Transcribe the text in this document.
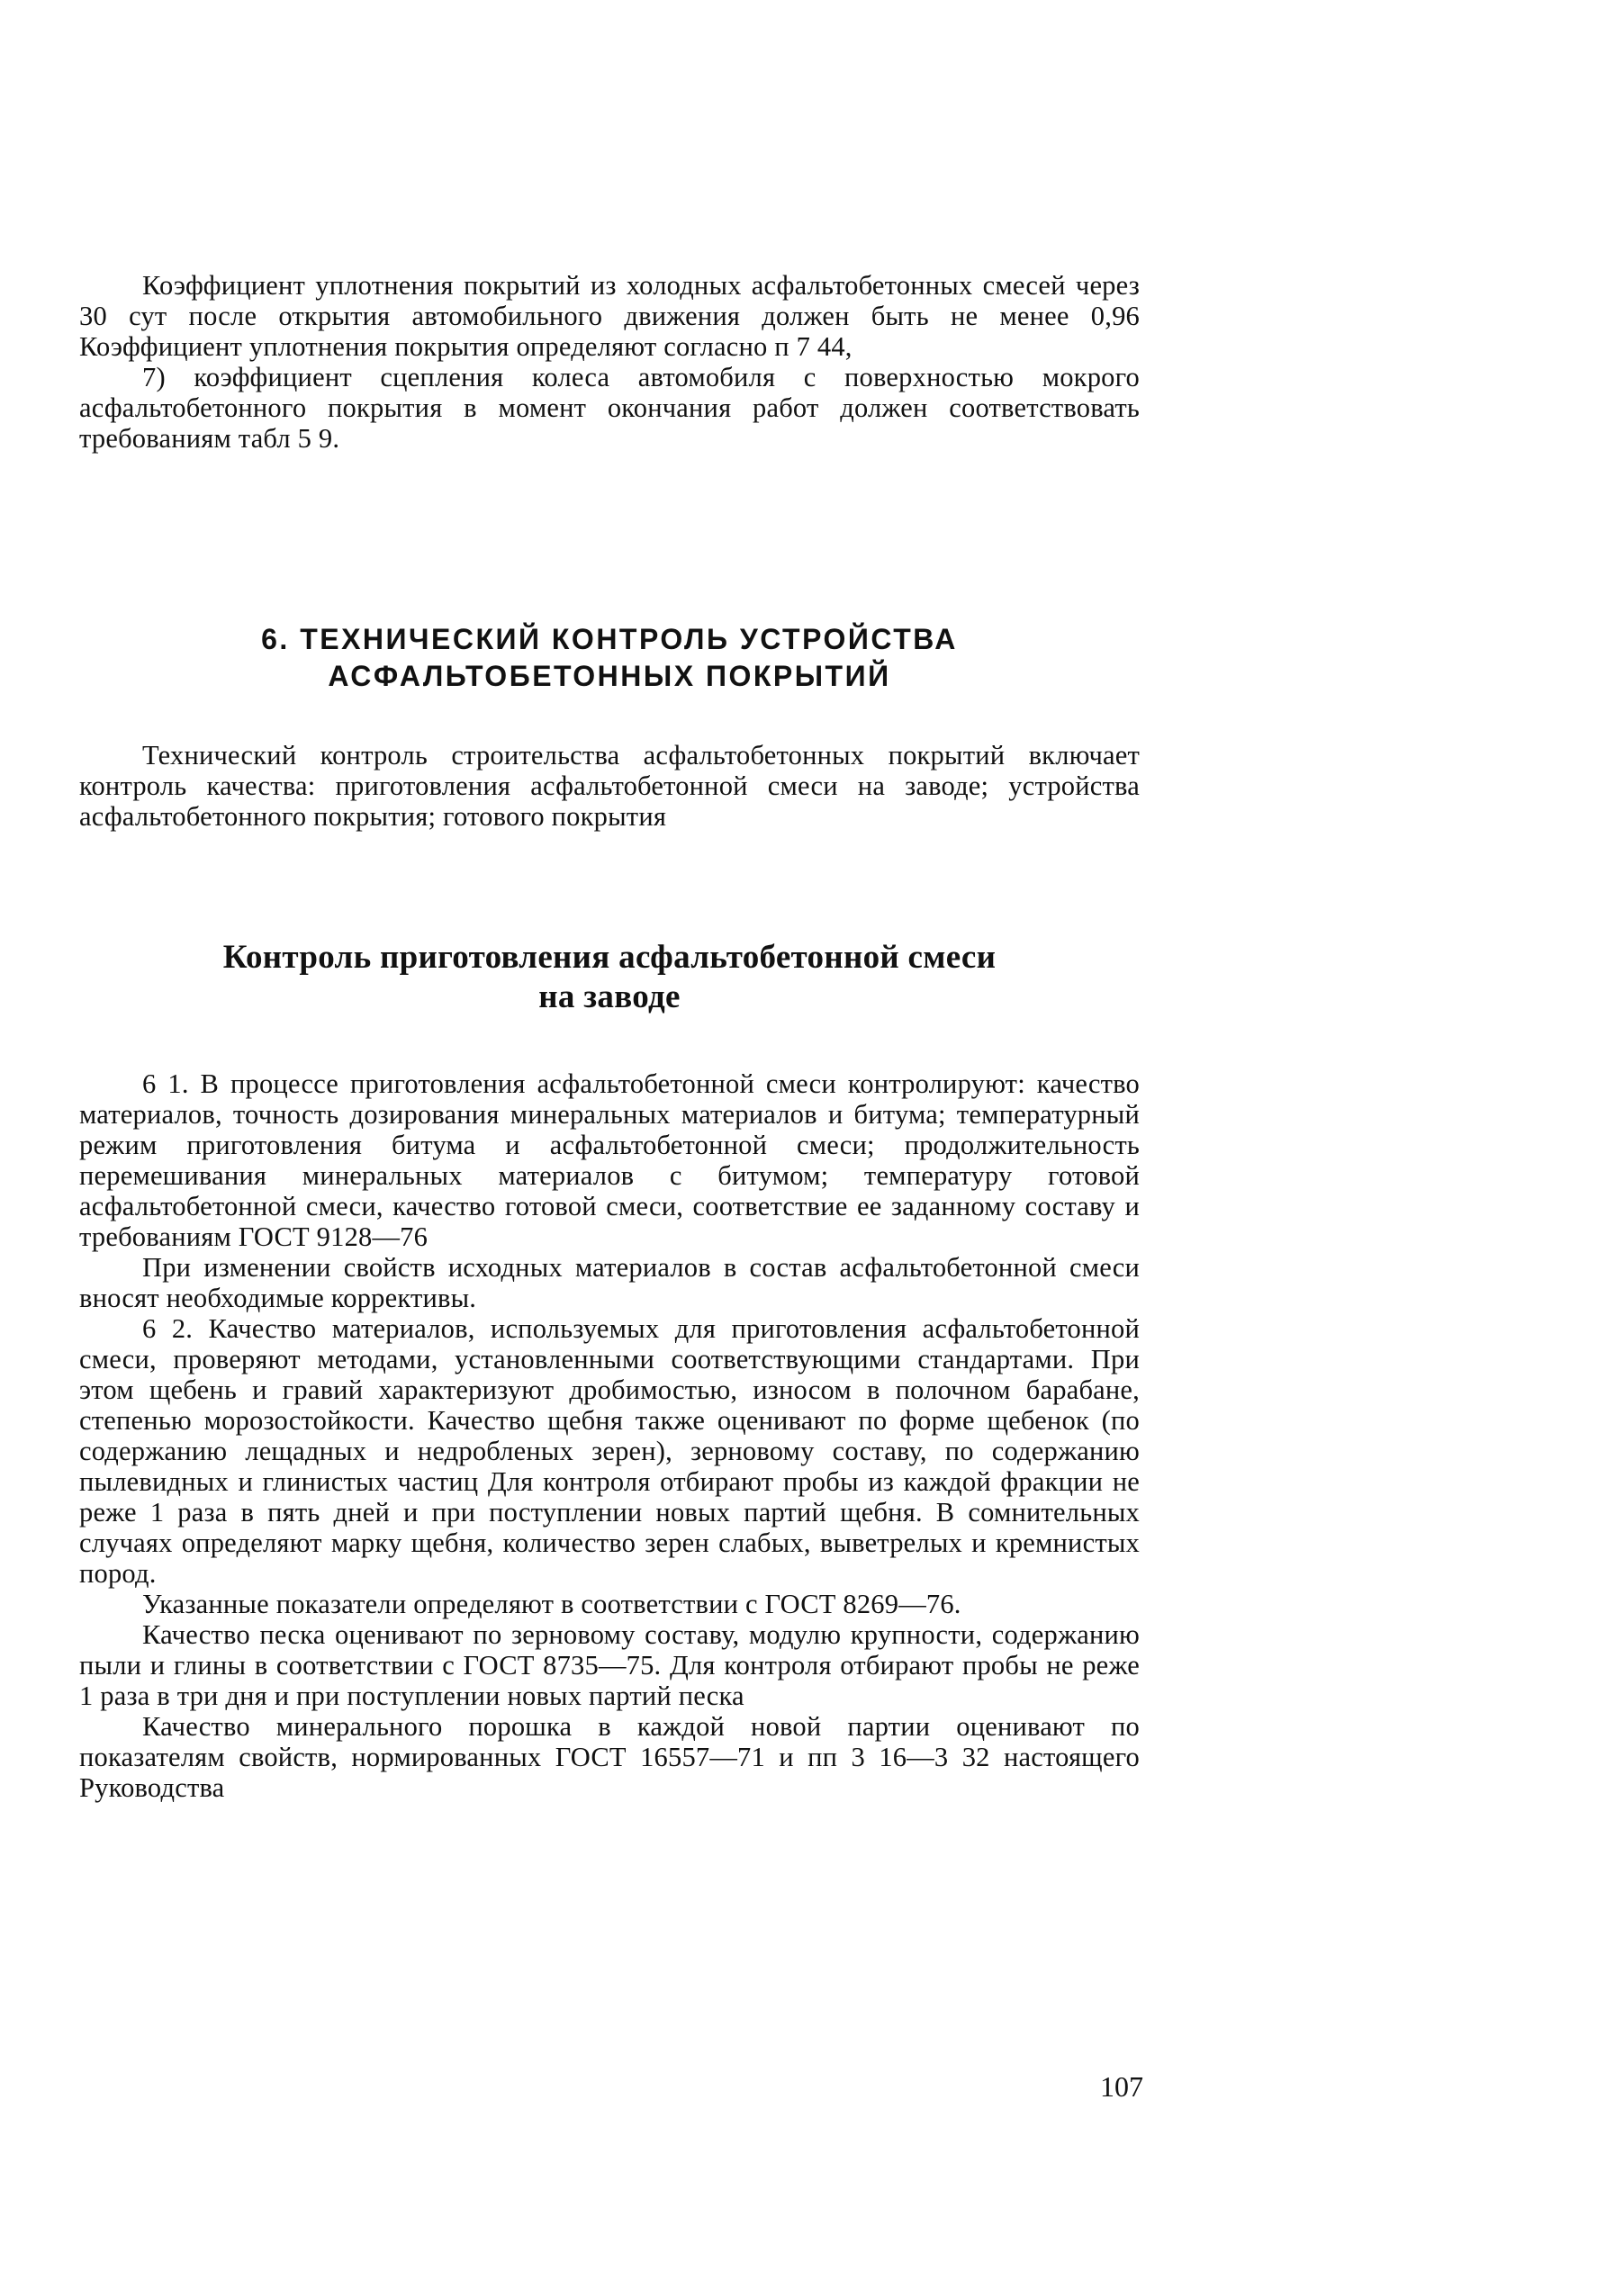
Коэффициент уплотнения покрытий из холодных асфальтобетонных смесей через 30 сут после открытия автомобильного движения должен быть не менее 0,96 Коэффициент уплотнения покрытия определяют согласно п 7 44,

7) коэффициент сцепления колеса автомобиля с поверхностью мокрого асфальтобетонного покрытия в момент окончания работ должен соответствовать требованиям табл 5 9.

6. ТЕХНИЧЕСКИЙ КОНТРОЛЬ УСТРОЙСТВА
АСФАЛЬТОБЕТОННЫХ ПОКРЫТИЙ

Технический контроль строительства асфальтобетонных покрытий включает контроль качества: приготовления асфальтобетонной смеси на заводе; устройства асфальтобетонного покрытия; готового покрытия

Контроль приготовления асфальтобетонной смеси
на заводе

6 1. В процессе приготовления асфальтобетонной смеси контролируют: качество материалов, точность дозирования минеральных материалов и битума; температурный режим приготовления битума и асфальтобетонной смеси; продолжительность перемешивания минеральных материалов с битумом; температуру готовой асфальтобетонной смеси, качество готовой смеси, соответствие ее заданному составу и требованиям ГОСТ 9128—76

При изменении свойств исходных материалов в состав асфальтобетонной смеси вносят необходимые коррективы.

6 2. Качество материалов, используемых для приготовления асфальтобетонной смеси, проверяют методами, установленными соответствующими стандартами. При этом щебень и гравий характеризуют дробимостью, износом в полочном барабане, степенью морозостойкости. Качество щебня также оценивают по форме щебенок (по содержанию лещадных и недробленых зерен), зерновому составу, по содержанию пылевидных и глинистых частиц Для контроля отбирают пробы из каждой фракции не реже 1 раза в пять дней и при поступлении новых партий щебня. В сомнительных случаях определяют марку щебня, количество зерен слабых, выветрелых и кремнистых пород.

Указанные показатели определяют в соответствии с ГОСТ 8269—76.

Качество песка оценивают по зерновому составу, модулю крупности, содержанию пыли и глины в соответствии с ГОСТ 8735—75. Для контроля отбирают пробы не реже 1 раза в три дня и при поступлении новых партий песка

Качество минерального порошка в каждой новой партии оценивают по показателям свойств, нормированных ГОСТ 16557—71 и пп 3 16—3 32 настоящего Руководства

107
